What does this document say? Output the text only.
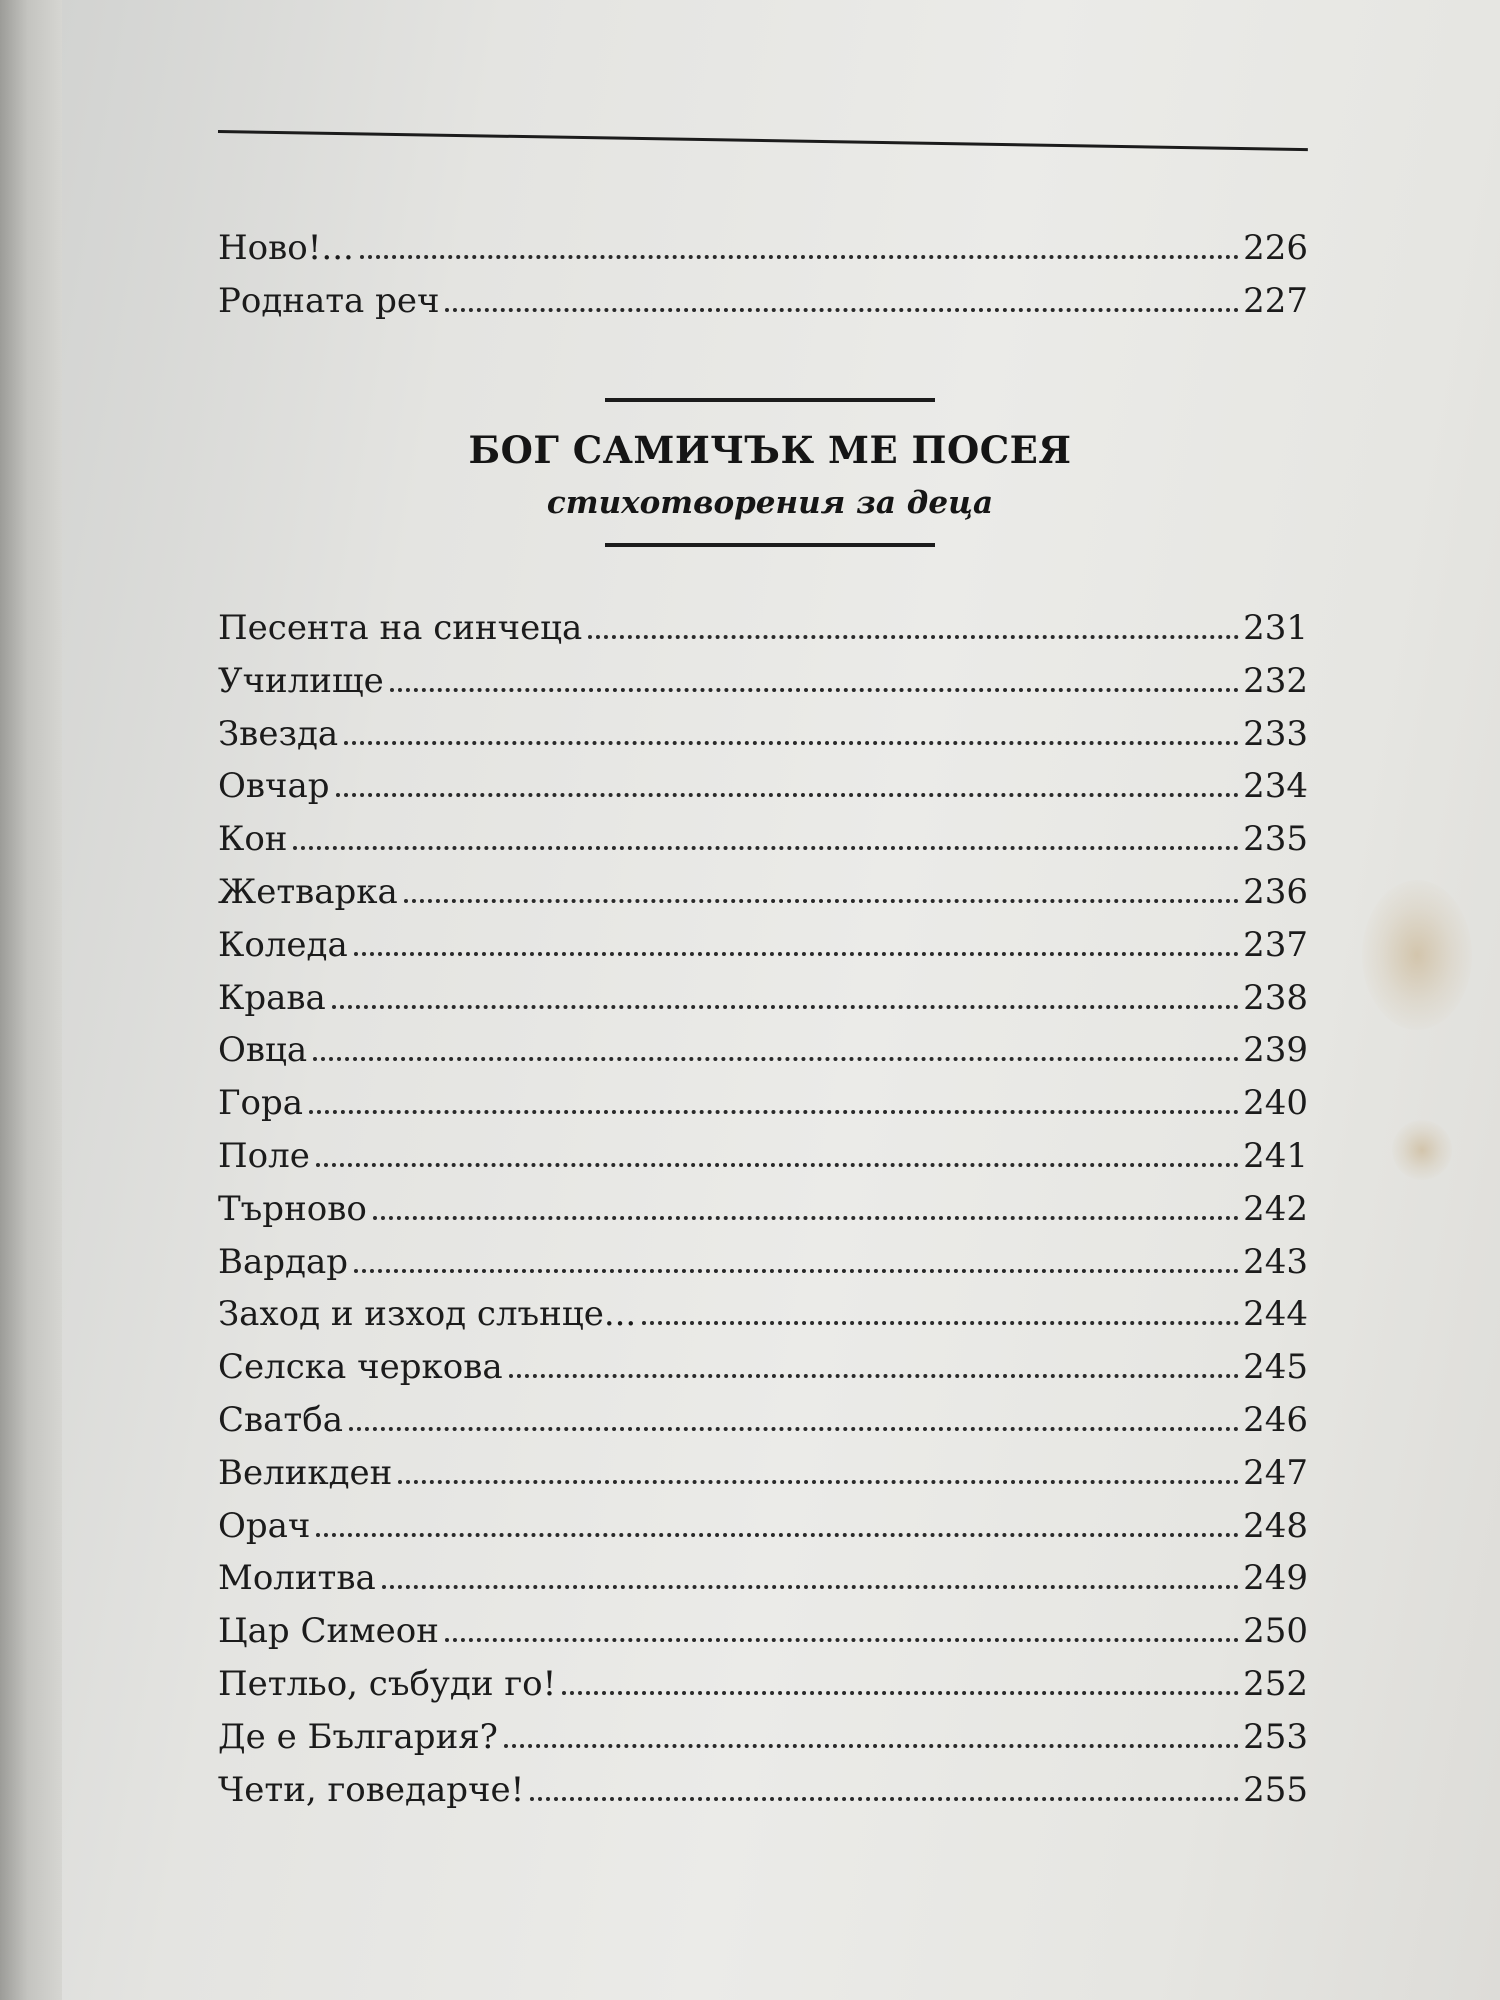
Ново!...	226
Родната реч	227
БОГ САМИЧЪК МЕ ПОСЕЯ
стихотворения за деца
Песента на синчеца	231
Училище	232
Звезда	233
Овчар	234
Кон	235
Жетварка	236
Коледа	237
Крава	238
Овца	239
Гора	240
Поле	241
Търново	242
Вардар	243
Заход и изход слънце...	244
Селска черкова	245
Сватба	246
Великден	247
Орач	248
Молитва	249
Цар Симеон	250
Петльо, събуди го!	252
Де е България?	253
Чети, говедарче!	255
